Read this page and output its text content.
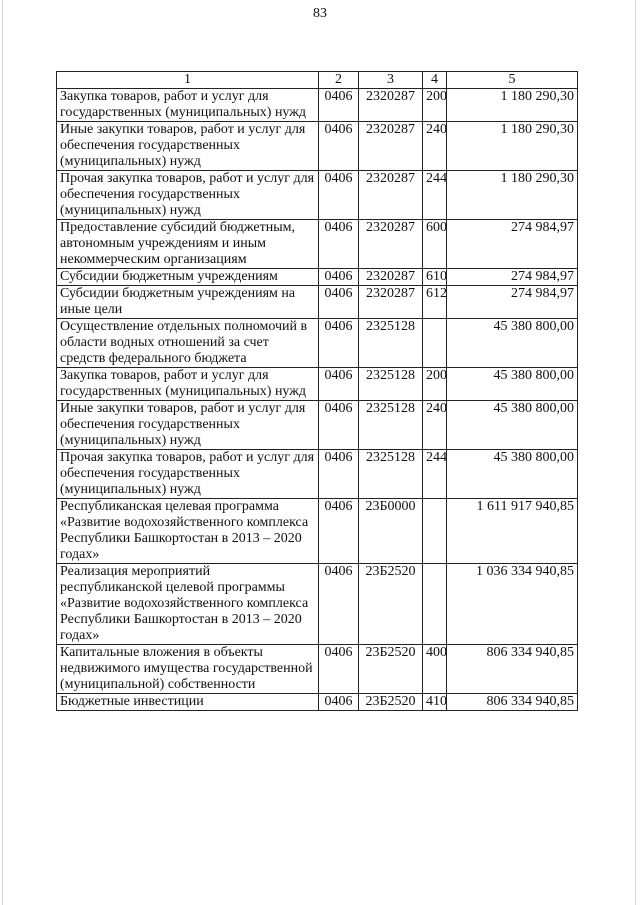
83
1	2	3	4	5
Закупка товаров, работ и услуг для государственных (муниципальных) нужд	0406	2320287	200	1 180 290,30
Иные закупки товаров, работ и услуг для обеспечения государственных (муниципальных) нужд	0406	2320287	240	1 180 290,30
Прочая закупка товаров, работ и услуг для обеспечения государственных (муниципальных) нужд	0406	2320287	244	1 180 290,30
Предоставление субсидий бюджетным, автономным учреждениям и иным некоммерческим организациям	0406	2320287	600	274 984,97
Субсидии бюджетным учреждениям	0406	2320287	610	274 984,97
Субсидии бюджетным учреждениям на иные цели	0406	2320287	612	274 984,97
Осуществление отдельных полномочий в области водных отношений за счет средств федерального бюджета	0406	2325128		45 380 800,00
Закупка товаров, работ и услуг для государственных (муниципальных) нужд	0406	2325128	200	45 380 800,00
Иные закупки товаров, работ и услуг для обеспечения государственных (муниципальных) нужд	0406	2325128	240	45 380 800,00
Прочая закупка товаров, работ и услуг для обеспечения государственных (муниципальных) нужд	0406	2325128	244	45 380 800,00
Республиканская целевая программа «Развитие водохозяйственного комплекса Республики Башкортостан в 2013 – 2020 годах»	0406	23Б0000		1 611 917 940,85
Реализация мероприятий республиканской целевой программы «Развитие водохозяйственного комплекса Республики Башкортостан в 2013 – 2020 годах»	0406	23Б2520		1 036 334 940,85
Капитальные вложения в объекты недвижимого имущества государственной (муниципальной) собственности	0406	23Б2520	400	806 334 940,85
Бюджетные инвестиции	0406	23Б2520	410	806 334 940,85
